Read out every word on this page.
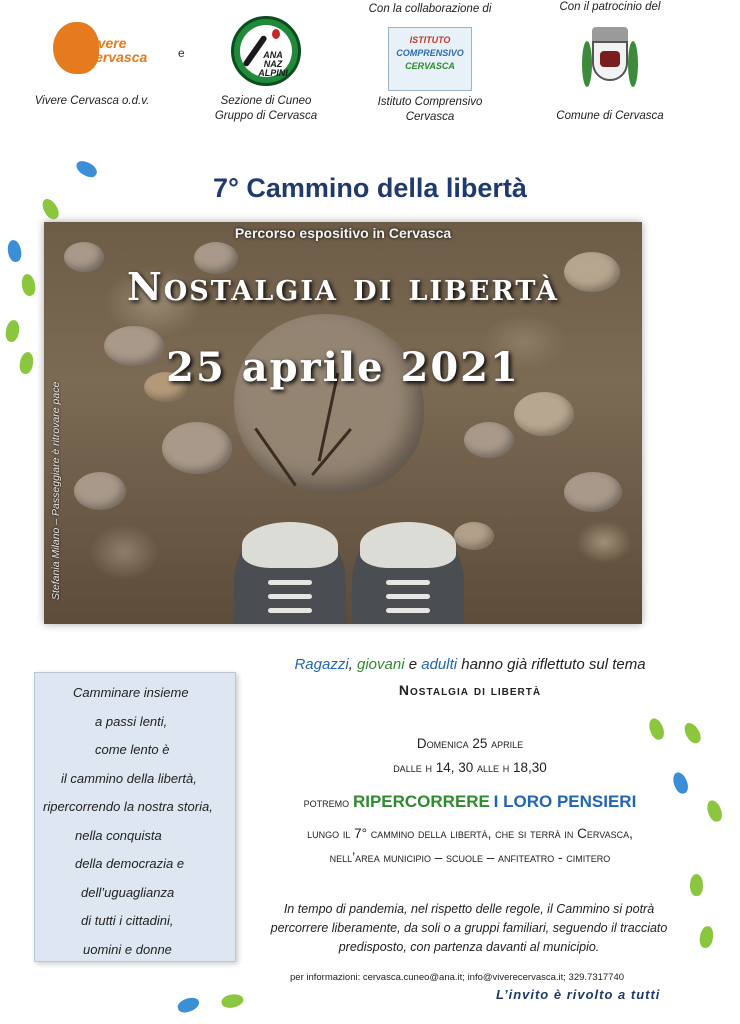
Vivere Cervasca
Vivere Cervasca o.d.v.
e	ANA NAZ ALPINI
Sezione di Cuneo
Gruppo di Cervasca
Con la collaborazione di
ISTITUTO
COMPRENSIVO
CERVASCA
Istituto Comprensivo
Cervasca
Con il patrocinio del
Comune di Cervasca
7° Cammino della libertà
Percorso espositivo in Cervasca
Nostalgia di libertà
25 aprile 2021
Stefania Milano – Passeggiare è ritrovare pace
Camminare insieme
a passi lenti,
come lento è
il cammino della libertà,
ripercorrendo la nostra storia,
nella conquista
della democrazia e
dell’uguaglianza
di tutti i cittadini,
uomini e donne
Ragazzi, giovani e adulti hanno già riflettuto sul tema
Nostalgia di libertà
Domenica 25 aprile
dalle h 14, 30 alle h 18,30
potremo RIPERCORRERE I LORO PENSIERI
lungo il 7° cammino della libertà, che si terrà in Cervasca,
nell’area municipio – scuole – anfiteatro - cimitero
In tempo di pandemia, nel rispetto delle regole, il Cammino si potrà percorrere liberamente, da soli o a gruppi familiari, seguendo il tracciato predisposto, con partenza davanti al municipio.
per informazioni: cervasca.cuneo@ana.it; info@viverecervasca.it; 329.7317740
L’invito è rivolto a tutti
